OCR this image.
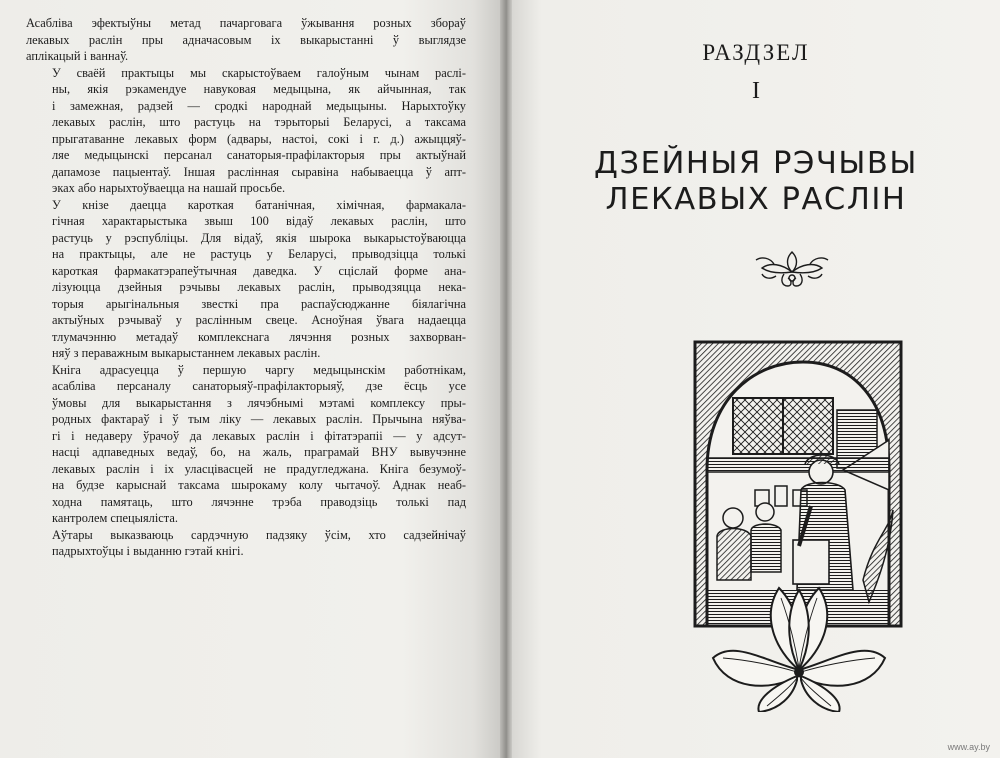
Асабліва эфектыўны метад пачарговага ўжывання розных збораў
лекавых раслін пры адначасовым іх выкарыстанні ў выглядзе
аплікацый і ваннаў.

У сваёй практыцы мы скарыстоўваем галоўным чынам раслі-
ны, якія рэкамендуе навуковая медыцына, як айчынная, так
і замежная, радзей — сродкі народнай медыцыны. Нарыхтоўку
лекавых раслін, што растуць на тэрыторыі Беларусі, а таксама
прыгатаванне лекавых форм (адвары, настоі, сокі і г. д.) ажыццяў-
ляе медыцынскі персанал санаторыя-прафілакторыя пры актыўнай
дапамозе пацыентаў. Іншая раслінная сыравіна набываецца ў апт-
эках або нарыхтоўваецца на нашай просьбе.

У кнізе даецца кароткая батанічная, хімічная, фармакала-
гічная характарыстыка звыш 100 відаў лекавых раслін, што
растуць у рэспубліцы. Для відаў, якія шырока выкарыстоўваюцца
на практыцы, але не растуць у Беларусі, прыводзіцца толькі
кароткая фармакатэрапеўтычная даведка. У сціслай форме ана-
лізуюцца дзейныя рэчывы лекавых раслін, прыводзяцца нека-
торыя арыгінальныя звесткі пра распаўсюджанне біялагічна
актыўных рэчываў у раслінным свеце. Асноўная ўвага надаецца
тлумачэнню метадаў комплекснага лячэння розных захворван-
няў з пераважным выкарыстаннем лекавых раслін.

Кніга адрасуецца ў першую чаргу медыцынскім работнікам,
асабліва персаналу санаторыяў-прафілакторыяў, дзе ёсць усе
ўмовы для выкарыстання з лячэбнымі мэтамі комплексу пры-
родных фактараў і ў тым ліку — лекавых раслін. Прычына няўва-
гі і недаверу ўрачоў да лекавых раслін і фітатэрапіі — у адсут-
насці адпаведных ведаў, бо, на жаль, праграмай ВНУ вывучэнне
лекавых раслін і іх уласцівасцей не прадугледжана. Кніга безумоў-
на будзе карыснай таксама шырокаму колу чытачоў. Аднак неаб-
ходна памятаць, што лячэнне трэба праводзіць толькі пад
кантролем спецыяліста.

Аўтары выказваюць сардэчную падзяку ўсім, хто садзейнічаў
падрыхтоўцы і выданню гэтай кнігі.

РАЗДЗЕЛ
I
ДЗЕЙНЫЯ РЭЧЫВЫ
ЛЕКАВЫХ РАСЛІН
www.ay.by
